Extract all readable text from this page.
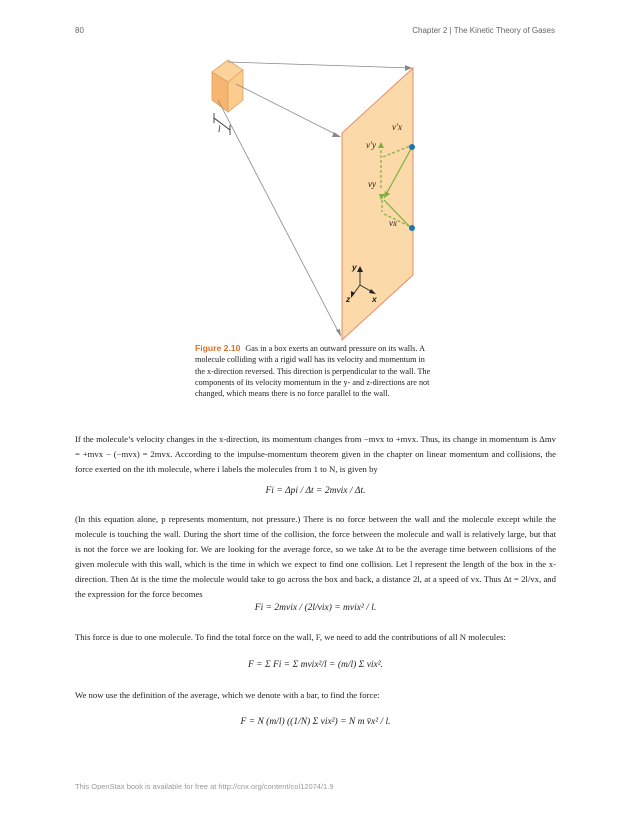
80	Chapter 2 | The Kinetic Theory of Gases
l	v′x
v′y
vy
vx
y
z	x
Figure 2.10 Gas in a box exerts an outward pressure on its walls. A molecule colliding with a rigid wall has its velocity and momentum in the x-direction reversed. This direction is perpendicular to the wall. The components of its velocity momentum in the y- and z-directions are not changed, which means there is no force parallel to the wall.
If the molecule’s velocity changes in the x-direction, its momentum changes from −mvx to +mvx. Thus, its change in momentum is Δmv = +mvx − (−mvx) = 2mvx. According to the impulse-momentum theorem given in the chapter on linear momentum and collisions, the force exerted on the ith molecule, where i labels the molecules from 1 to N, is given by
Fi = Δpi / Δt = 2mvix / Δt.
(In this equation alone, p represents momentum, not pressure.) There is no force between the wall and the molecule except while the molecule is touching the wall. During the short time of the collision, the force between the molecule and wall is relatively large, but that is not the force we are looking for. We are looking for the average force, so we take Δt to be the average time between collisions of the given molecule with this wall, which is the time in which we expect to find one collision. Let l represent the length of the box in the x-direction. Then Δt is the time the molecule would take to go across the box and back, a distance 2l, at a speed of vx. Thus Δt = 2l/vx, and the expression for the force becomes
Fi = 2mvix / (2l/vix) = mvix² / l.
This force is due to one molecule. To find the total force on the wall, F, we need to add the contributions of all N molecules:
F = Σ Fi = Σ mvix²/l = (m/l) Σ vix².
We now use the definition of the average, which we denote with a bar, to find the force:
F = N (m/l) ((1/N) Σ vix²) = N m v̄x² / l.
This OpenStax book is available for free at http://cnx.org/content/col12074/1.9
